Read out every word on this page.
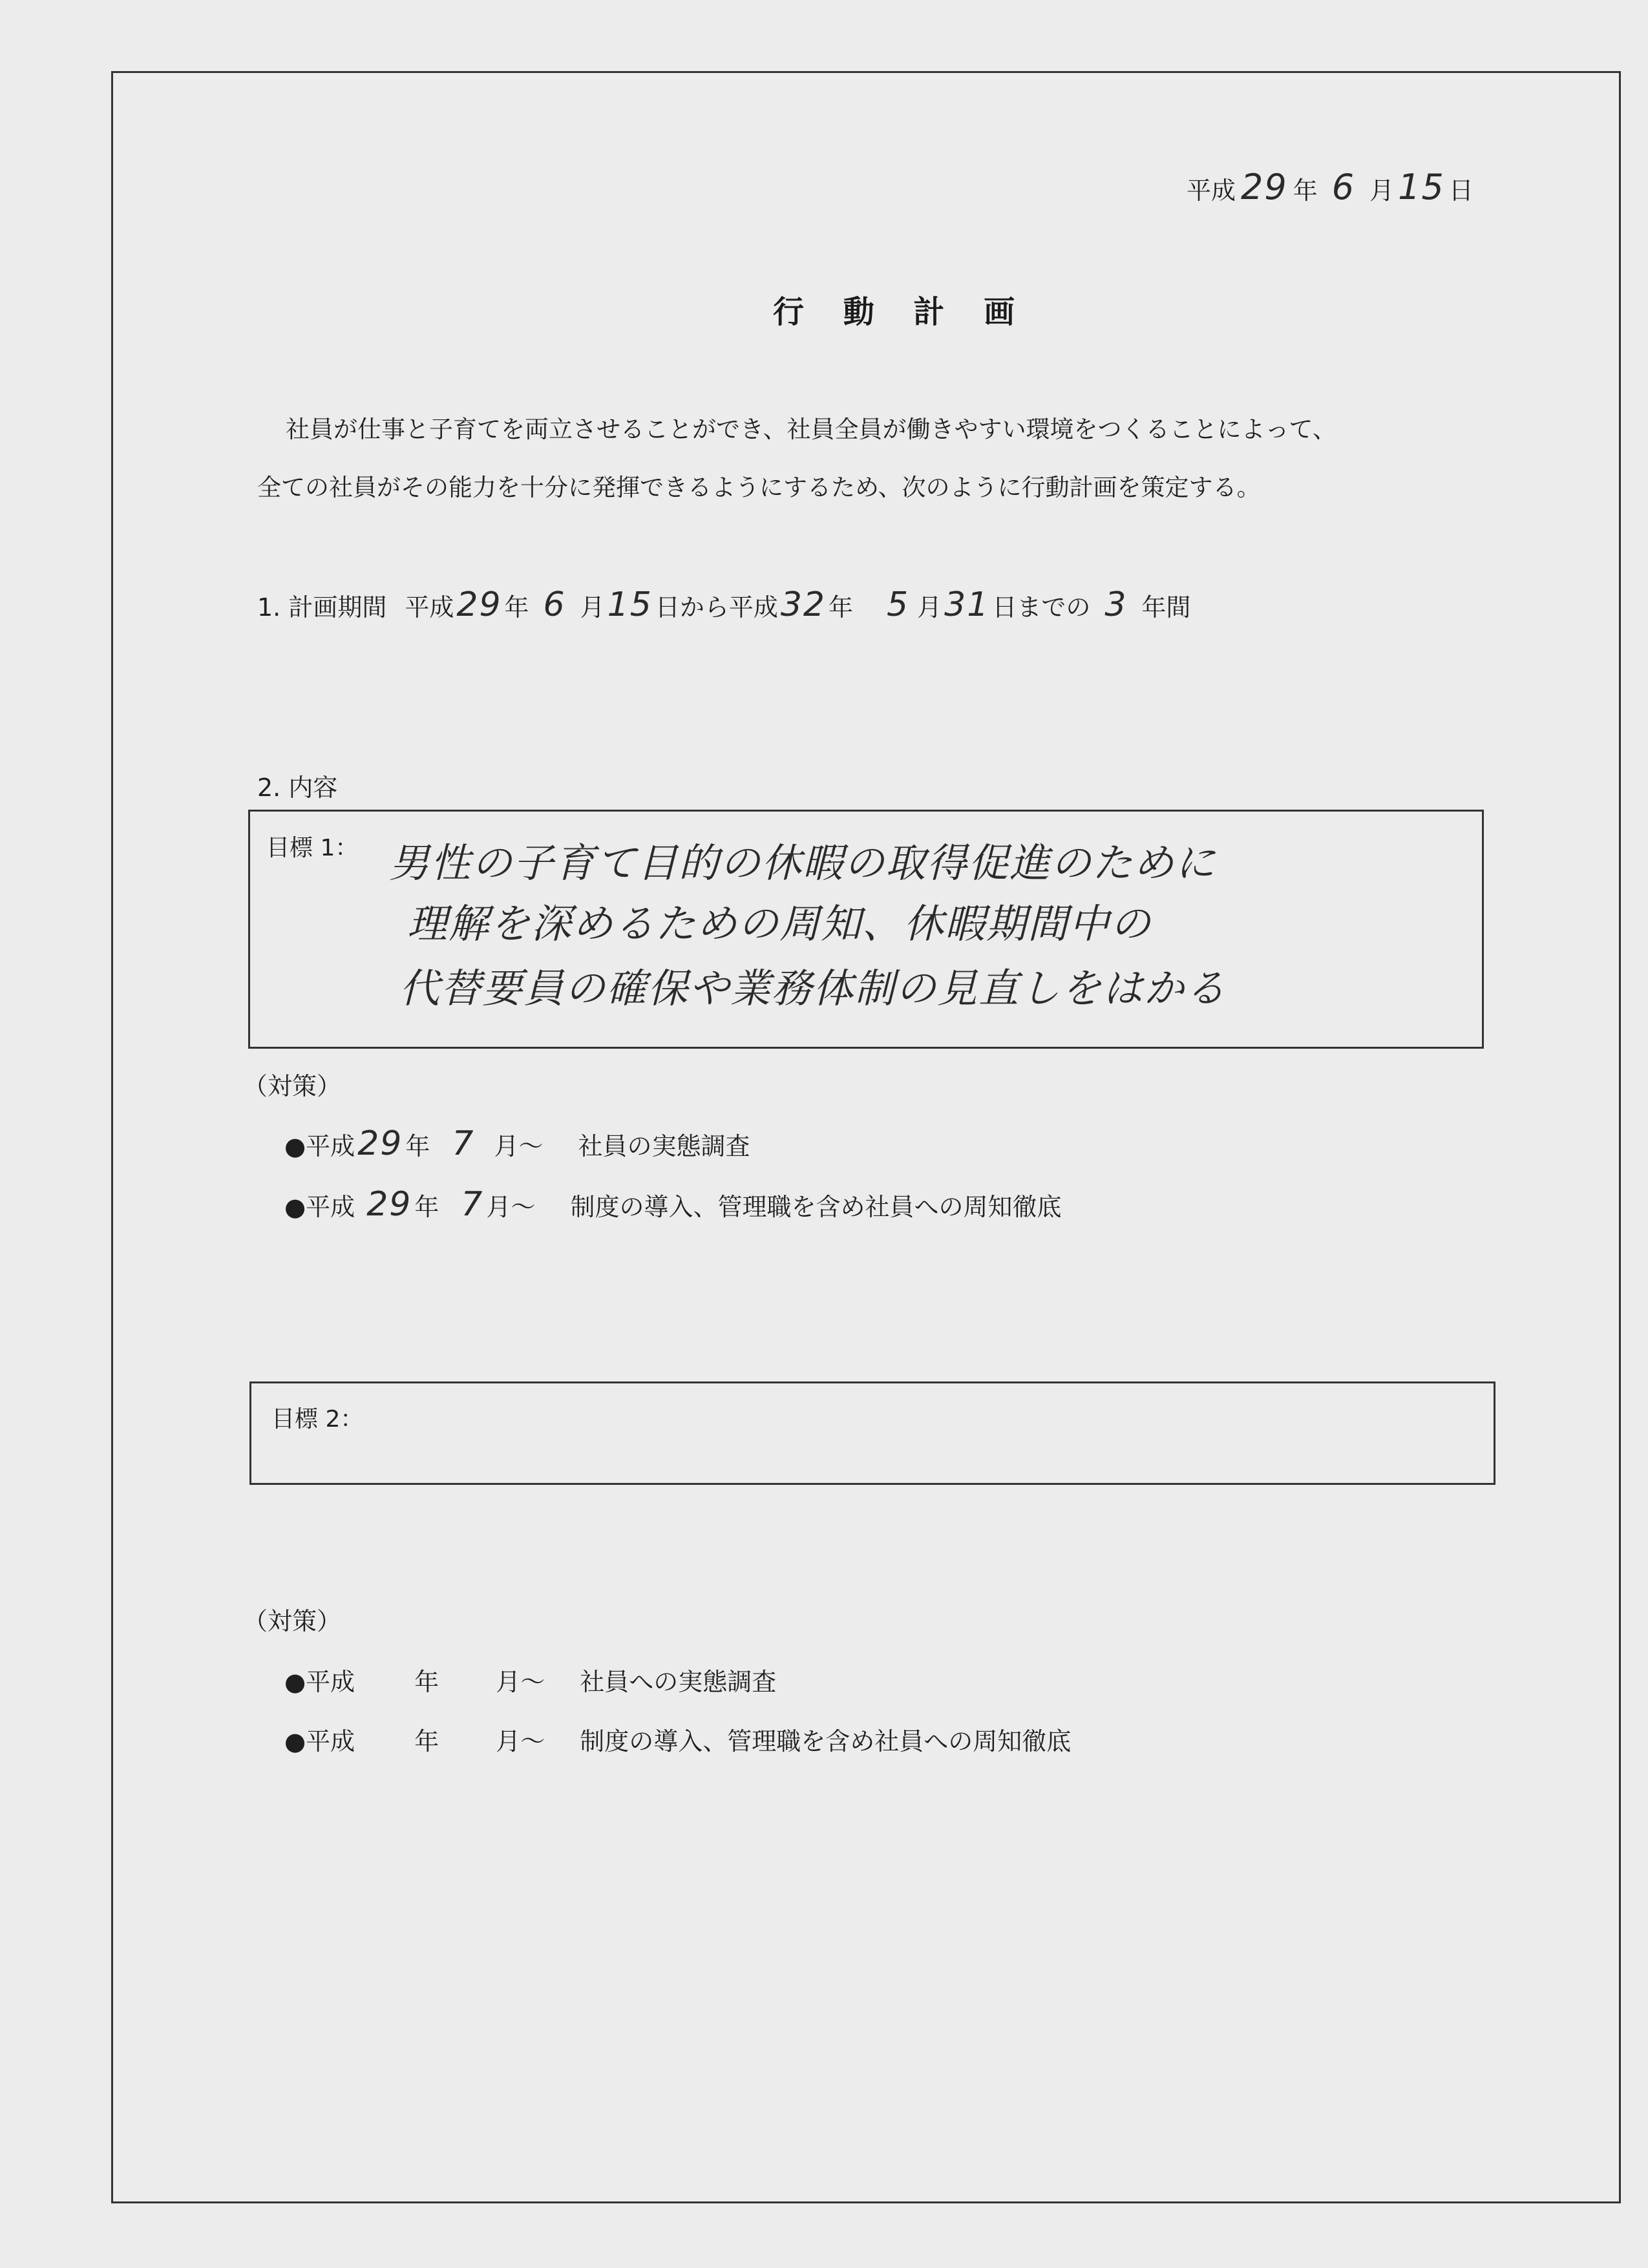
平成 29 年 6 月 15 日
行 動 計 画
社員が仕事と子育てを両立させることができ、社員全員が働きやすい環境をつくることによって、
全ての社員がその能力を十分に発揮できるようにするため、次のように行動計画を策定する。
1. 計画期間 平成29 年 6 月15 日から平成32 年 5 月31 日までの 3 年間
2. 内容
目標 1： 男性の子育て目的の休暇の取得促進のために
理解を深めるための周知、休暇期間中の
代替要員の確保や業務体制の見直しをはかる
（対策）
●平成29 年 7 月～ 社員の実態調査
●平成 29 年 7 月～ 制度の導入、管理職を含め社員への周知徹底
目標 2：
（対策）
●平成 年 月～ 社員への実態調査
●平成 年 月～ 制度の導入、管理職を含め社員への周知徹底
